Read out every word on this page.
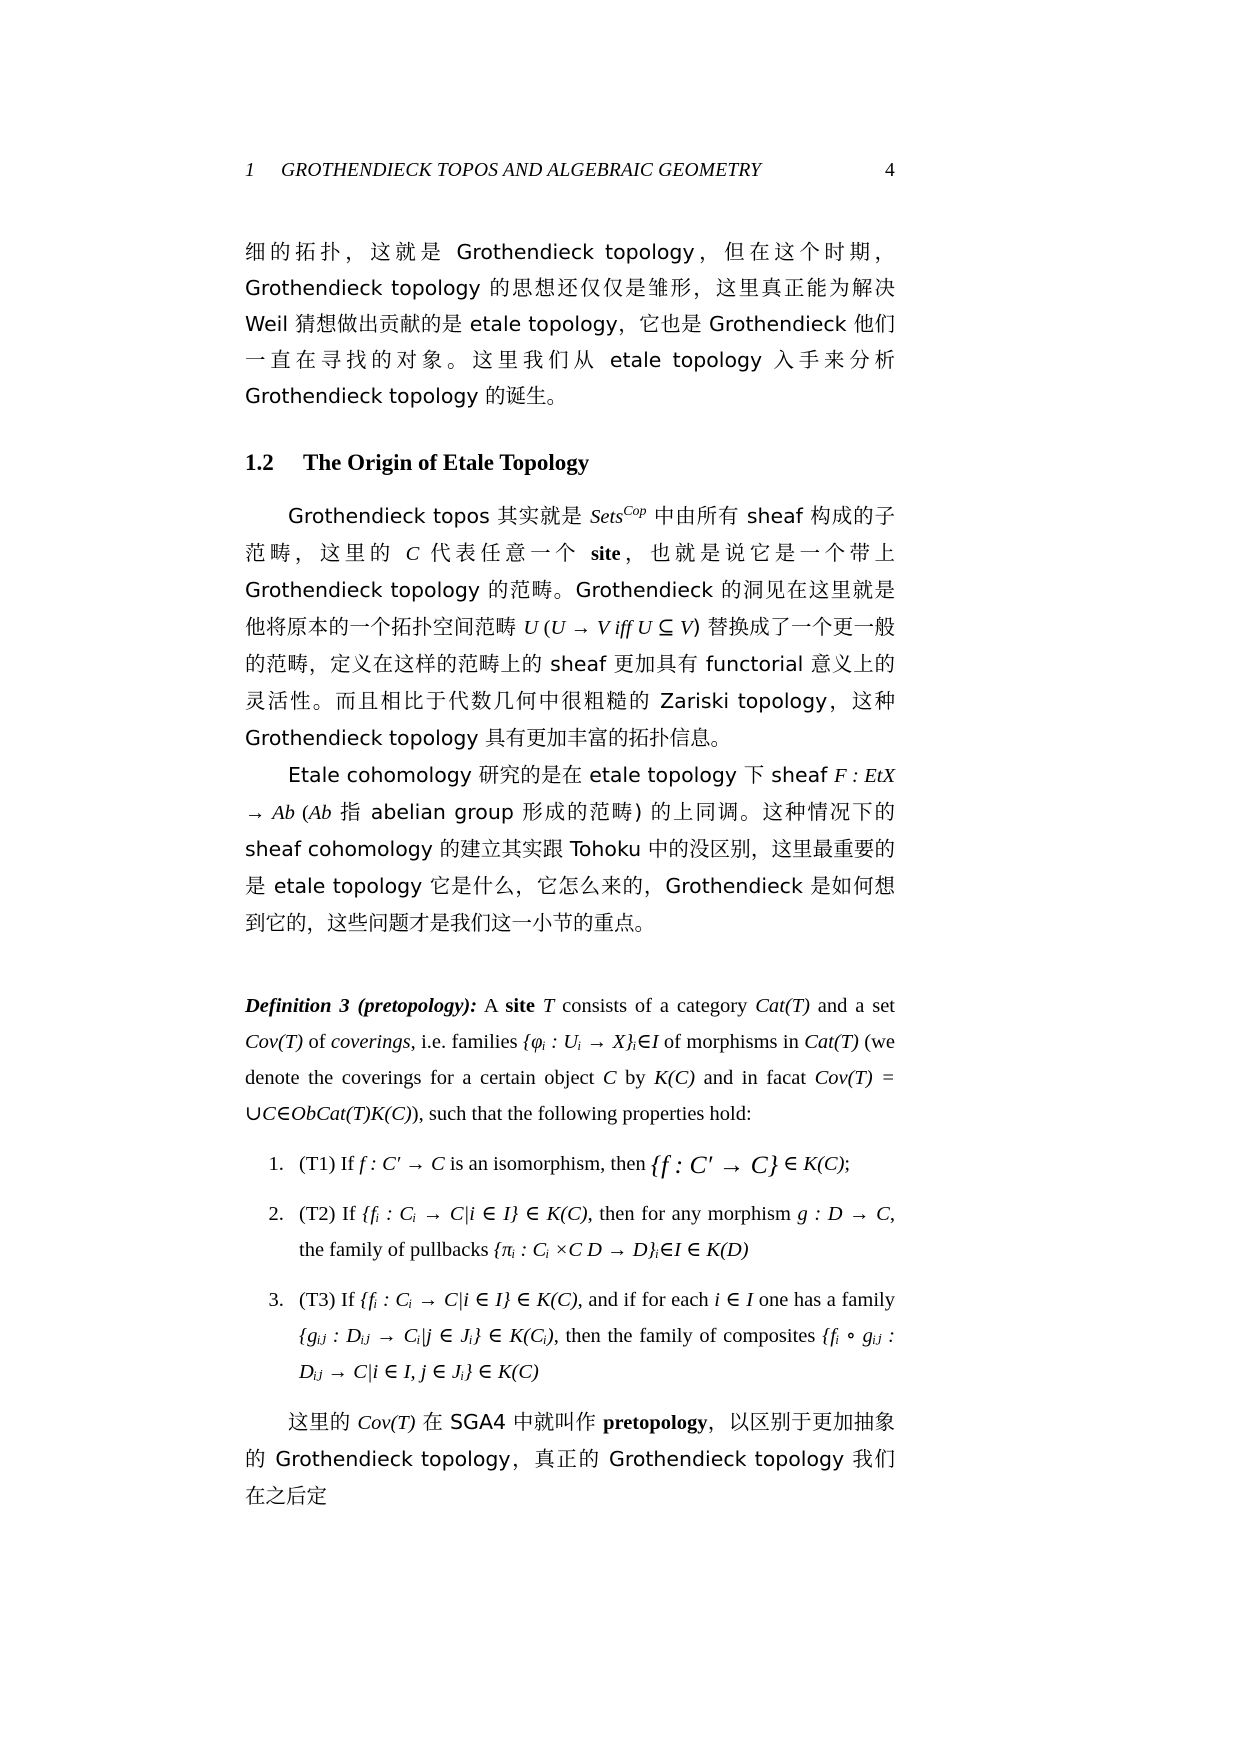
1	GROTHENDIECK TOPOS AND ALGEBRAIC GEOMETRY	4

细的拓扑，这就是 Grothendieck topology，但在这个时期，Grothendieck topology 的思想还仅仅是雏形，这里真正能为解决 Weil 猜想做出贡献的是 etale topology，它也是 Grothendieck 他们一直在寻找的对象。这里我们从 etale topology 入手来分析 Grothendieck topology 的诞生。

1.2	The Origin of Etale Topology

Grothendieck topos 其实就是 Sets$^{Cop}$ 中由所有 sheaf 构成的子范畴，这里的 C 代表任意一个 site，也就是说它是一个带上 Grothendieck topology 的范畴。Grothendieck 的洞见在这里就是他将原本的一个拓扑空间范畴 U (U → V iff U ⊆ V) 替换成了一个更一般的范畴，定义在这样的范畴上的 sheaf 更加具有 functorial 意义上的灵活性。而且相比于代数几何中很粗糙的 Zariski topology，这种 Grothendieck topology 具有更加丰富的拓扑信息。

Etale cohomology 研究的是在 etale topology 下 sheaf F : EtX → Ab (Ab 指 abelian group 形成的范畴) 的上同调。这种情况下的 sheaf cohomology 的建立其实跟 Tohoku 中的没区别，这里最重要的是 etale topology 它是什么，它怎么来的，Grothendieck 是如何想到它的，这些问题才是我们这一小节的重点。

Definition 3 (pretopology): A site T consists of a category Cat(T) and a set Cov(T) of coverings, i.e. families {φᵢ : Uᵢ → X}ᵢ∈I of morphisms in Cat(T) (we denote the coverings for a certain object C by K(C) and in facat Cov(T) = ∪C∈ObCat(T)K(C)), such that the following properties hold:
1. (T1) If f : C′ → C is an isomorphism, then {f : C′ → C} ∈ K(C);
2. (T2) If {fᵢ : Cᵢ → C|i ∈ I} ∈ K(C), then for any morphism g : D → C, the family of pullbacks {πᵢ : Cᵢ ×C D → D}ᵢ∈I ∈ K(D)
3. (T3) If {fᵢ : Cᵢ → C|i ∈ I} ∈ K(C), and if for each i ∈ I one has a family {gᵢⱼ : Dᵢⱼ → Cᵢ|j ∈ Jᵢ} ∈ K(Cᵢ), then the family of composites {fᵢ ∘ gᵢⱼ : Dᵢⱼ → C|i ∈ I, j ∈ Jᵢ} ∈ K(C)

这里的 Cov(T) 在 SGA4 中就叫作 pretopology，以区别于更加抽象的 Grothendieck topology，真正的 Grothendieck topology 我们在之后定
